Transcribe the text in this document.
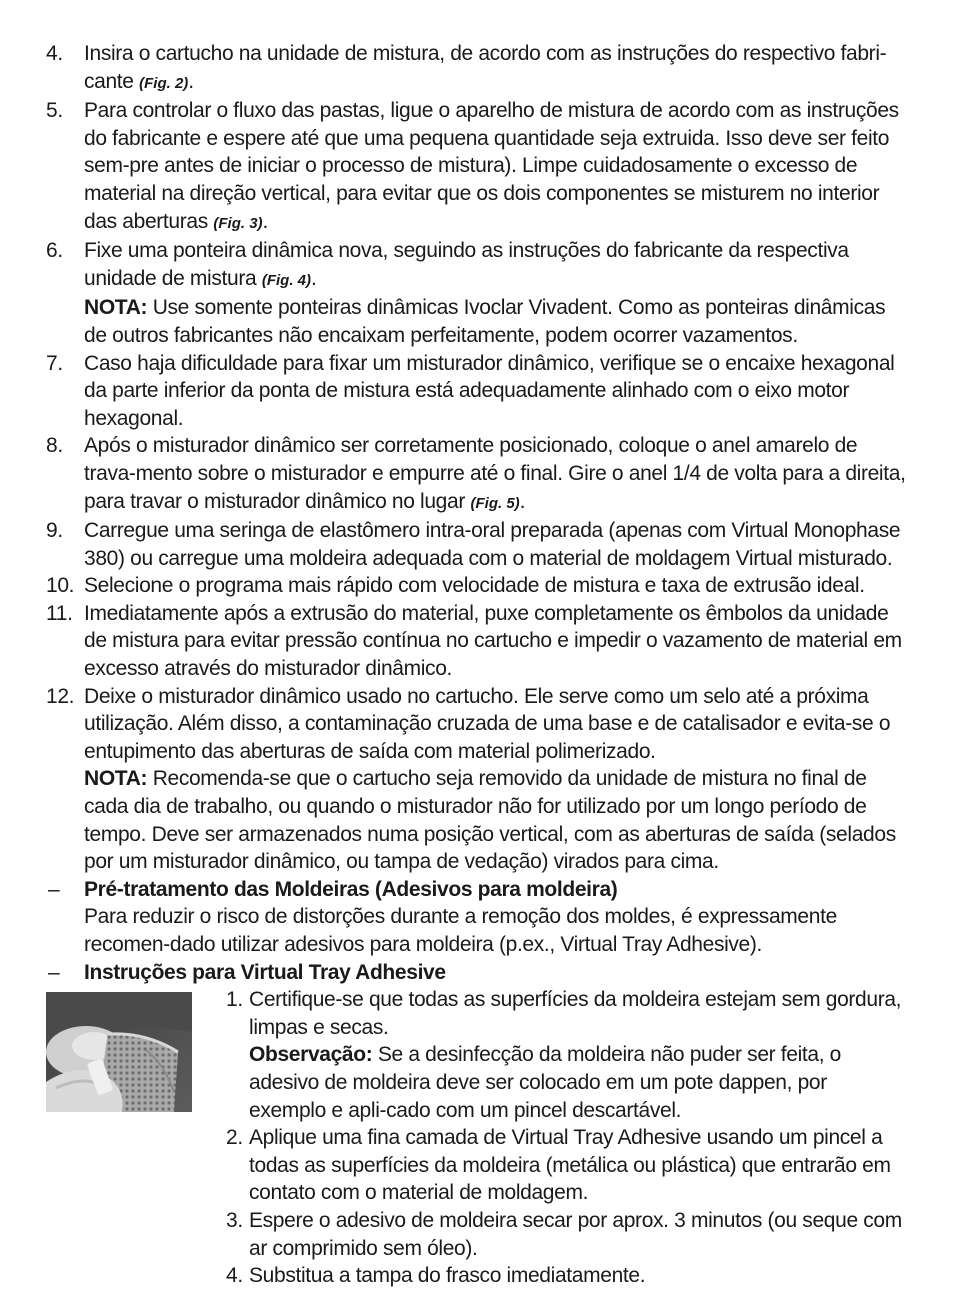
4. Insira o cartucho na unidade de mistura, de acordo com as instruções do respectivo fabri-cante (Fig. 2).

5. Para controlar o fluxo das pastas, ligue o aparelho de mistura de acordo com as instruções do fabricante e espere até que uma pequena quantidade seja extruida. Isso deve ser feito sem-pre antes de iniciar o processo de mistura). Limpe cuidadosamente o excesso de material na direção vertical, para evitar que os dois componentes se misturem no interior das aberturas (Fig. 3).

6. Fixe uma ponteira dinâmica nova, seguindo as instruções do fabricante da respectiva unidade de mistura (Fig. 4).

NOTA: Use somente ponteiras dinâmicas Ivoclar Vivadent. Como as ponteiras dinâmicas de outros fabricantes não encaixam perfeitamente, podem ocorrer vazamentos.

7. Caso haja dificuldade para fixar um misturador dinâmico, verifique se o encaixe hexagonal da parte inferior da ponta de mistura está adequadamente alinhado com o eixo motor hexagonal.

8. Após o misturador dinâmico ser corretamente posicionado, coloque o anel amarelo de trava-mento sobre o misturador e empurre até o final. Gire o anel 1/4 de volta para a direita, para travar o misturador dinâmico no lugar (Fig. 5).

9. Carregue uma seringa de elastômero intra-oral preparada (apenas com Virtual Monophase 380) ou carregue uma moldeira adequada com o material de moldagem Virtual misturado.

10. Selecione o programa mais rápido com velocidade de mistura e taxa de extrusão ideal.

11. Imediatamente após a extrusão do material, puxe completamente os êmbolos da unidade de mistura para evitar pressão contínua no cartucho e impedir o vazamento de material em excesso através do misturador dinâmico.

12. Deixe o misturador dinâmico usado no cartucho. Ele serve como um selo até a próxima utilização. Além disso, a contaminação cruzada de uma base e de catalisador e evita-se o entupimento das aberturas de saída com material polimerizado.

NOTA: Recomenda-se que o cartucho seja removido da unidade de mistura no final de cada dia de trabalho, ou quando o misturador não for utilizado por um longo período de tempo. Deve ser armazenados numa posição vertical, com as aberturas de saída (selados por um misturador dinâmico, ou tampa de vedação) virados para cima.

– Pré-tratamento das Moldeiras (Adesivos para moldeira)

Para reduzir o risco de distorções durante a remoção dos moldes, é expressamente recomen-dado utilizar adesivos para moldeira (p.ex., Virtual Tray Adhesive).

– Instruções para Virtual Tray Adhesive

1. Certifique-se que todas as superfícies da moldeira estejam sem gordura, limpas e secas.

Observação: Se a desinfecção da moldeira não puder ser feita, o adesivo de moldeira deve ser colocado em um pote dappen, por exemplo e apli-cado com um pincel descartável.

2. Aplique uma fina camada de Virtual Tray Adhesive usando um pincel a todas as superfícies da moldeira (metálica ou plástica) que entrarão em contato com o material de moldagem.

3. Espere o adesivo de moldeira secar por aprox. 3 minutos (ou seque com ar comprimido sem óleo).

4. Substitua a tampa do frasco imediatamente.
